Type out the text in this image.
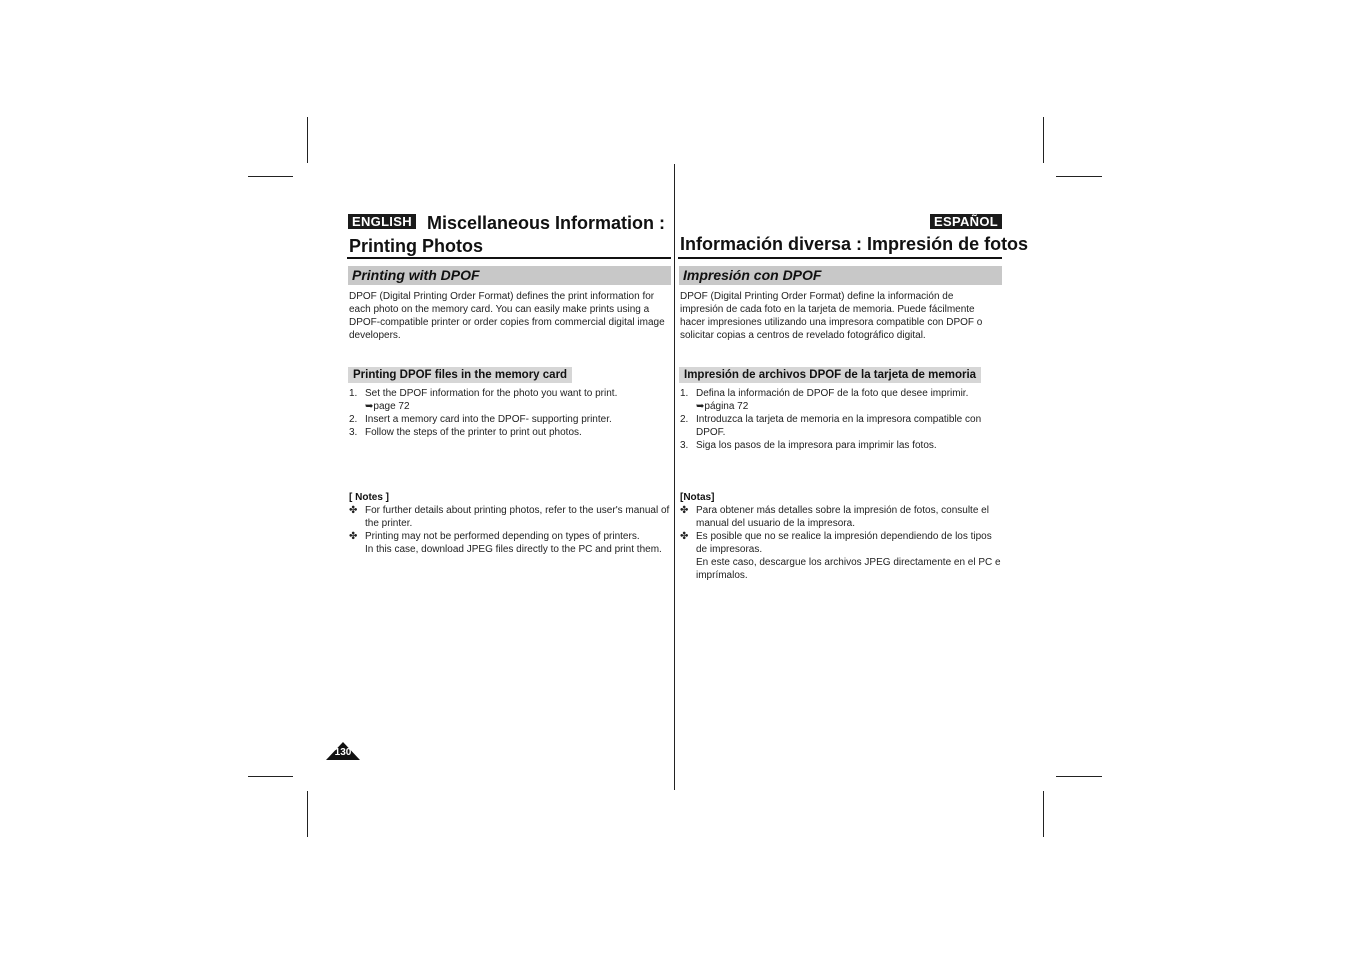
ENGLISH Miscellaneous Information :
Printing Photos
Printing with DPOF
DPOF (Digital Printing Order Format) defines the print information for each photo on the memory card. You can easily make prints using a DPOF-compatible printer or order copies from commercial digital image developers.
Printing DPOF files in the memory card
1. Set the DPOF information for the photo you want to print.
➥page 72
2. Insert a memory card into the DPOF- supporting printer.
3. Follow the steps of the printer to print out photos.
[ Notes ]
✤ For further details about printing photos, refer to the user's manual of the printer.
✤ Printing may not be performed depending on types of printers.
In this case, download JPEG files directly to the PC and print them.
ESPAÑOL
Información diversa : Impresión de fotos
Impresión con DPOF
DPOF (Digital Printing Order Format) define la información de impresión de cada foto en la tarjeta de memoria. Puede fácilmente hacer impresiones utilizando una impresora compatible con DPOF o solicitar copias a centros de revelado fotográfico digital.
Impresión de archivos DPOF de la tarjeta de memoria
1. Defina la información de DPOF de la foto que desee imprimir.
➥página 72
2. Introduzca la tarjeta de memoria en la impresora compatible con DPOF.
3. Siga los pasos de la impresora para imprimir las fotos.
[Notas]
✤ Para obtener más detalles sobre la impresión de fotos, consulte el manual del usuario de la impresora.
✤ Es posible que no se realice la impresión dependiendo de los tipos de impresoras.
En este caso, descargue los archivos JPEG directamente en el PC e imprímalos.
130
